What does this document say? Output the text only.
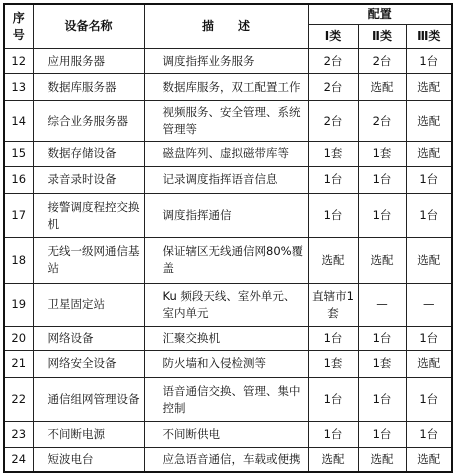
序号	设备名称	描　　述	配置		
			Ⅰ类	Ⅱ类	Ⅲ类
12	应用服务器	调度指挥业务服务	2台	2台	1台
13	数据库服务器	数据库服务，双工配置工作	2台	选配	选配
14	综合业务服务器	视频服务、安全管理、系统管理等	2台	2台	选配
15	数据存储设备	磁盘阵列、虚拟磁带库等	1套	1套	选配
16	录音录时设备	记录调度指挥语音信息	1台	1台	1台
17	接警调度程控交换机	调度指挥通信	1台	1台	1台
18	无线一级网通信基站	保证辖区无线通信网80%覆盖	选配	选配	选配
19	卫星固定站	Ku 频段天线、室外单元、室内单元	直辖市1套	—	—
20	网络设备	汇聚交换机	1台	1台	1台
21	网络安全设备	防火墙和入侵检测等	1套	1套	选配
22	通信组网管理设备	语音通信交换、管理、集中控制	1台	1台	1台
23	不间断电源	不间断供电	1台	1台	1台
24	短波电台	应急语音通信，车载或便携	选配	选配	选配
